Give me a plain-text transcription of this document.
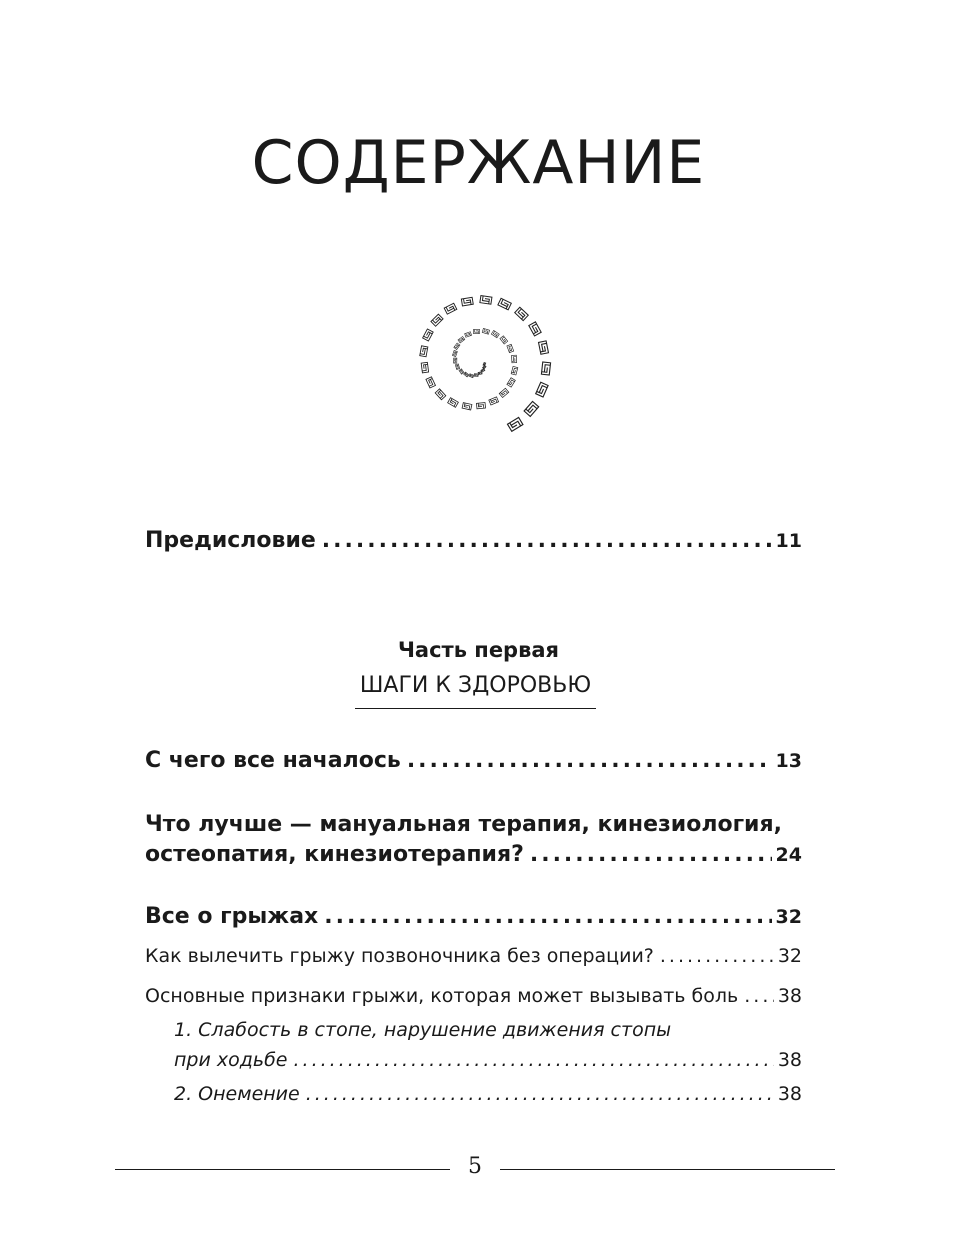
СОДЕРЖАНИЕ
Предисловие .....	11
Часть первая
ШАГИ К ЗДОРОВЬЮ
С чего все началось .....	13
Что лучше — мануальная терапия, кинезиология,
остеопатия, кинезиотерапия? .....	24
Все о грыжах .....	32
Как вылечить грыжу позвоночника без операции? .....	32
Основные признаки грыжи, которая может вызывать боль ..... 38
1. Слабость в стопе, нарушение движения стопы
при ходьбе .....	38
2. Онемение .....	38
5
